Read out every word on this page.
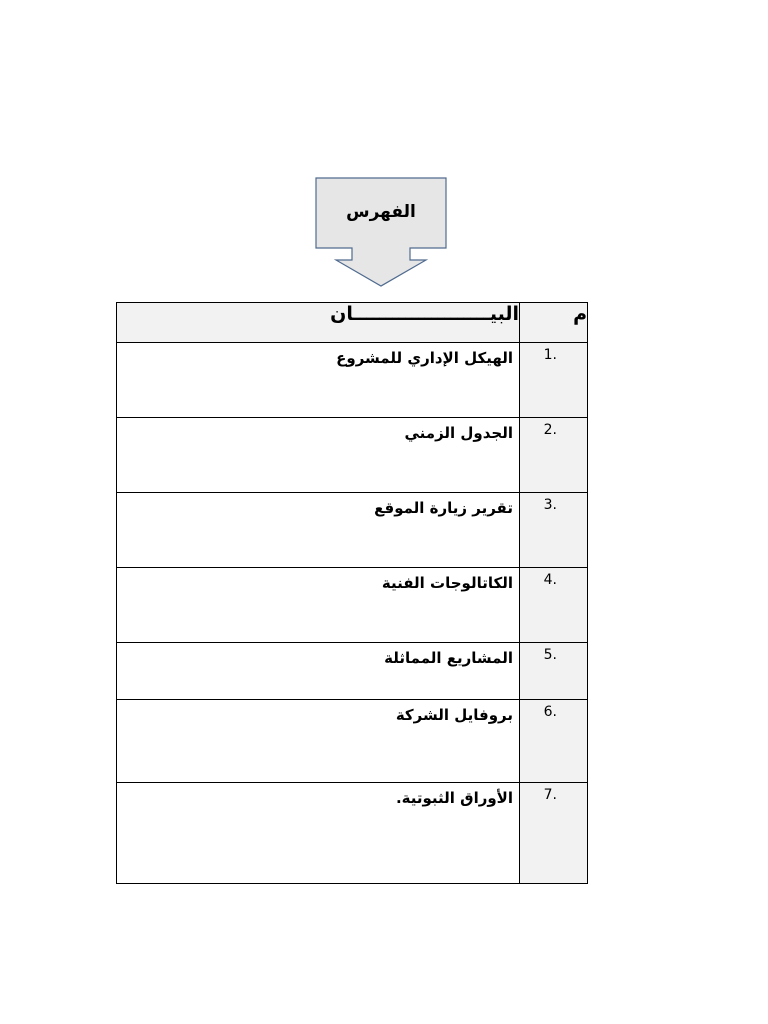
الفهرس
م	البيـــــــــــــــــــــان
1.	الهيكل الإداري للمشروع
2.	الجدول الزمني
3.	تقرير زيارة الموقع
4.	الكاتالوجات الفنية
5.	المشاريع المماثلة
6.	بروفايل الشركة
7.	الأوراق الثبوتية.
